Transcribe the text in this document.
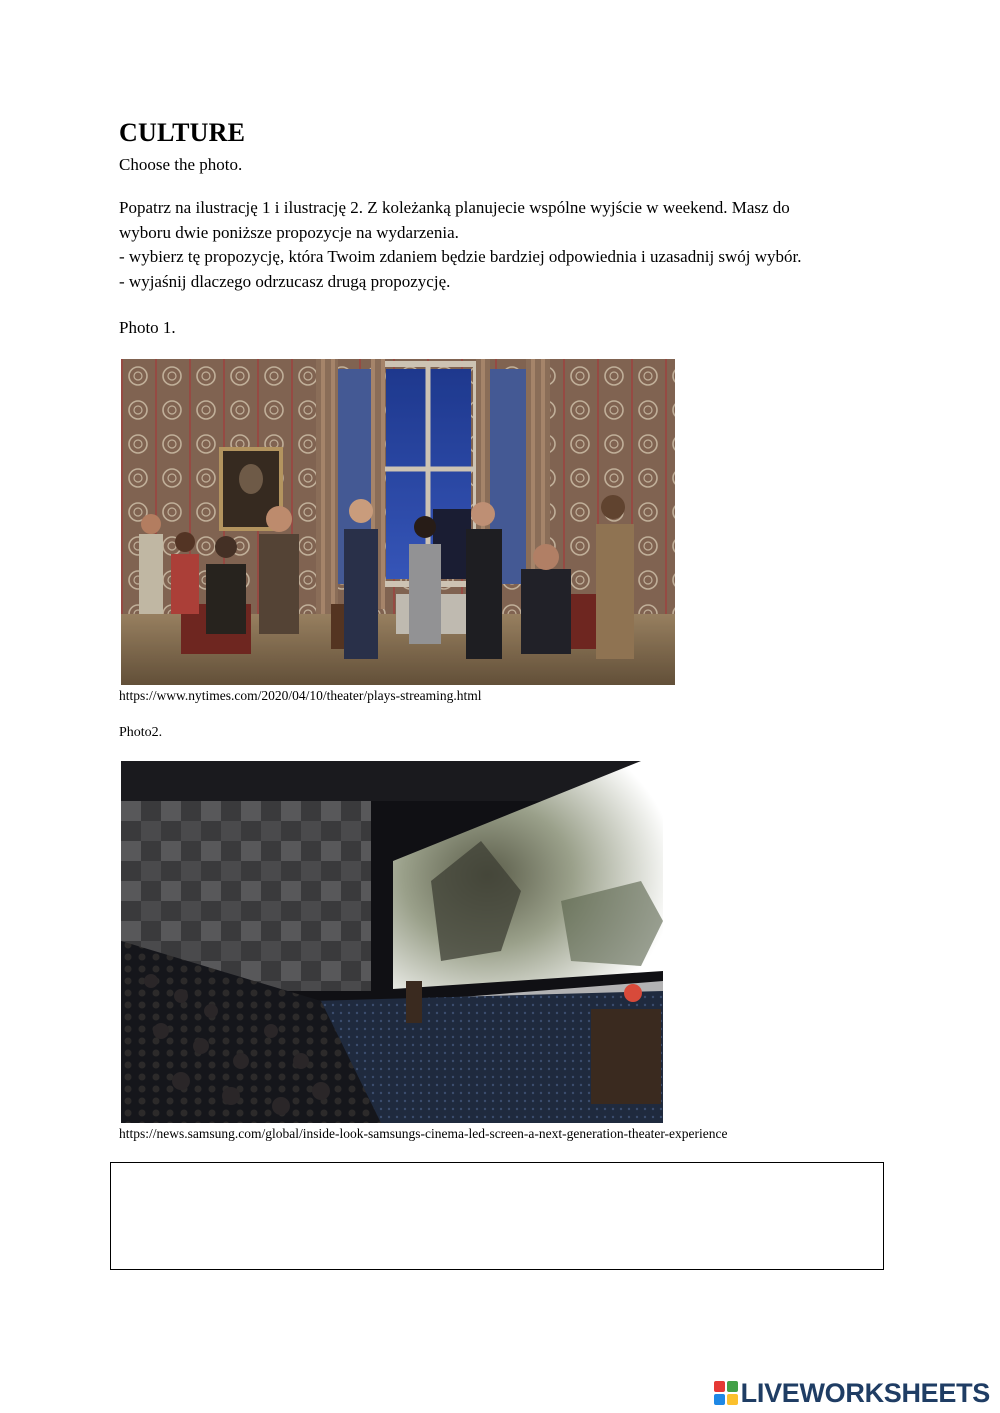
CULTURE
Choose the photo.
Popatrz na ilustrację 1 i ilustrację 2. Z koleżanką planujecie wspólne wyjście w weekend. Masz do
wyboru dwie poniższe propozycje na wydarzenia.
- wybierz tę propozycję, która Twoim zdaniem będzie bardziej odpowiednia i uzasadnij swój wybór.
- wyjaśnij dlaczego odrzucasz drugą propozycję.
Photo 1.
https://www.nytimes.com/2020/04/10/theater/plays-streaming.html
Photo2.
https://news.samsung.com/global/inside-look-samsungs-cinema-led-screen-a-next-generation-theater-experience
LIVEWORKSHEETS
